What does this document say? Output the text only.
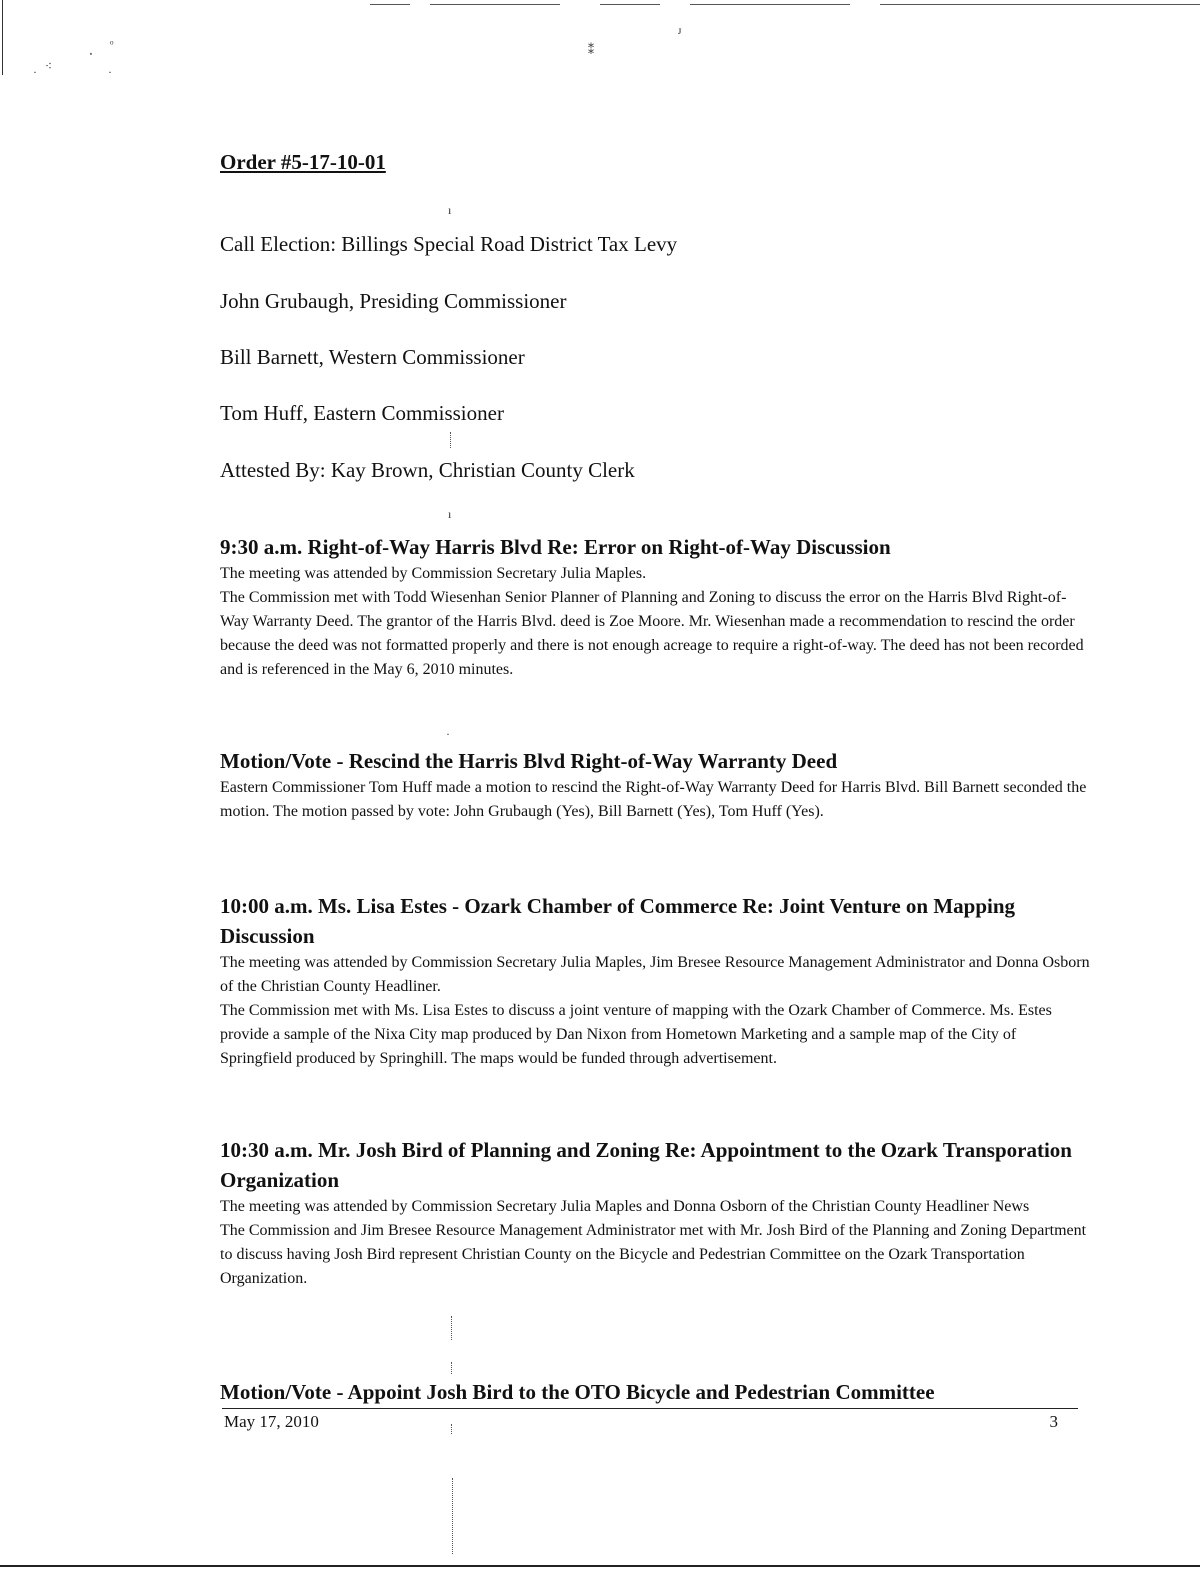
⸼ ᵒ
⁖
·	·
⁑
ᴊ
ı
ı
·
Order #5-17-10-01
Call Election: Billings Special Road District Tax Levy
John Grubaugh, Presiding Commissioner
Bill Barnett, Western Commissioner
Tom Huff, Eastern Commissioner
Attested By: Kay Brown, Christian County Clerk
9:30 a.m. Right-of-Way Harris Blvd Re: Error on Right-of-Way Discussion

The meeting was attended by Commission Secretary Julia Maples.

The Commission met with Todd Wiesenhan Senior Planner of Planning and Zoning to discuss the error on the Harris Blvd Right-of-Way Warranty Deed. The grantor of the Harris Blvd. deed is Zoe Moore. Mr. Wiesenhan made a recommendation to rescind the order because the deed was not formatted properly and there is not enough acreage to require a right-of-way. The deed has not been recorded and is referenced in the May 6, 2010 minutes.

Motion/Vote - Rescind the Harris Blvd Right-of-Way Warranty Deed

Eastern Commissioner Tom Huff made a motion to rescind the Right-of-Way Warranty Deed for Harris Blvd. Bill Barnett seconded the motion. The motion passed by vote: John Grubaugh (Yes), Bill Barnett (Yes), Tom Huff (Yes).

10:00 a.m. Ms. Lisa Estes - Ozark Chamber of Commerce Re: Joint Venture on Mapping Discussion

The meeting was attended by Commission Secretary Julia Maples, Jim Bresee Resource Management Administrator and Donna Osborn of the Christian County Headliner.

The Commission met with Ms. Lisa Estes to discuss a joint venture of mapping with the Ozark Chamber of Commerce. Ms. Estes provide a sample of the Nixa City map produced by Dan Nixon from Hometown Marketing and a sample map of the City of Springfield produced by Springhill. The maps would be funded through advertisement.

10:30 a.m. Mr. Josh Bird of Planning and Zoning Re: Appointment to the Ozark Transporation Organization

The meeting was attended by Commission Secretary Julia Maples and Donna Osborn of the Christian County Headliner News

The Commission and Jim Bresee Resource Management Administrator met with Mr. Josh Bird of the Planning and Zoning Department to discuss having Josh Bird represent Christian County on the Bicycle and Pedestrian Committee on the Ozark Transportation Organization.

Motion/Vote - Appoint Josh Bird to the OTO Bicycle and Pedestrian Committee
May 17, 2010	3
